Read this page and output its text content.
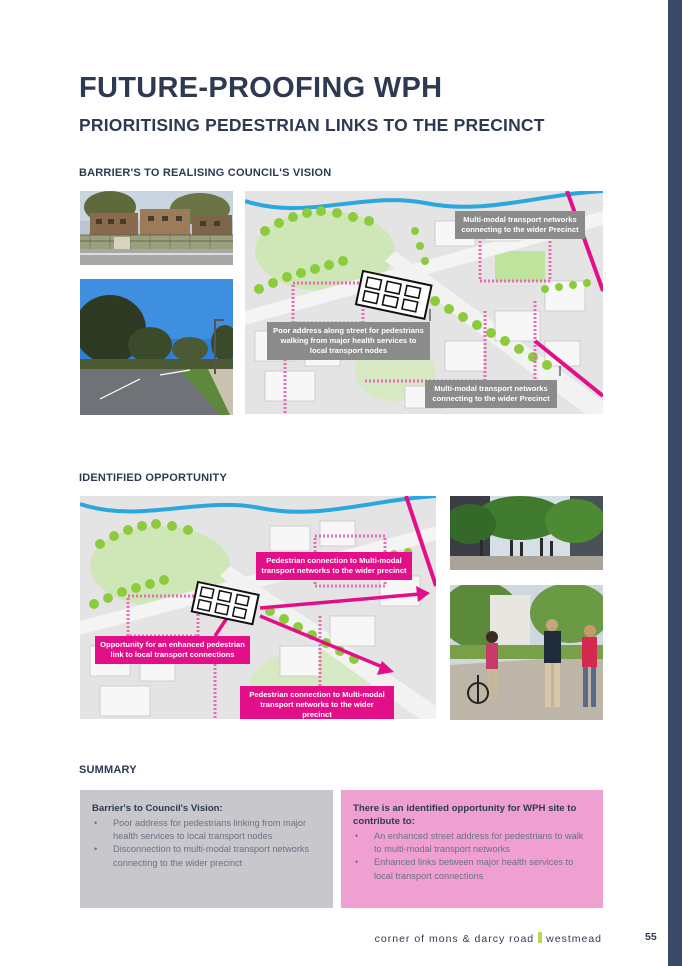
FUTURE-PROOFING WPH
PRIORITISING PEDESTRIAN LINKS TO THE PRECINCT
BARRIER'S TO REALISING COUNCIL'S VISION
Multi-modal transport networks connecting to the wider Precinct
Poor address along street for pedestrians walking from major health services to local transport nodes
Multi-modal transport networks connecting to the wider Precinct
IDENTIFIED OPPORTUNITY
Pedestrian connection to Multi-modal transport networks to the wider precinct
Opportunity for an enhanced pedestrian link to local transport connections
Pedestrian connection to Multi-modal transport networks to the wider precinct
SUMMARY
Barrier's to Council's Vision:
• Poor address for pedestrians linking from major health services to local transport nodes
• Disconnection to multi-modal transport networks connecting to the wider precinct
There is an identified opportunity for WPH site to contribute to:
• An enhanced street address for pedestrians to walk to multi-modal transport networks
• Enhanced links between major health services to local transport connections
corner of mons & darcy road westmead	55
